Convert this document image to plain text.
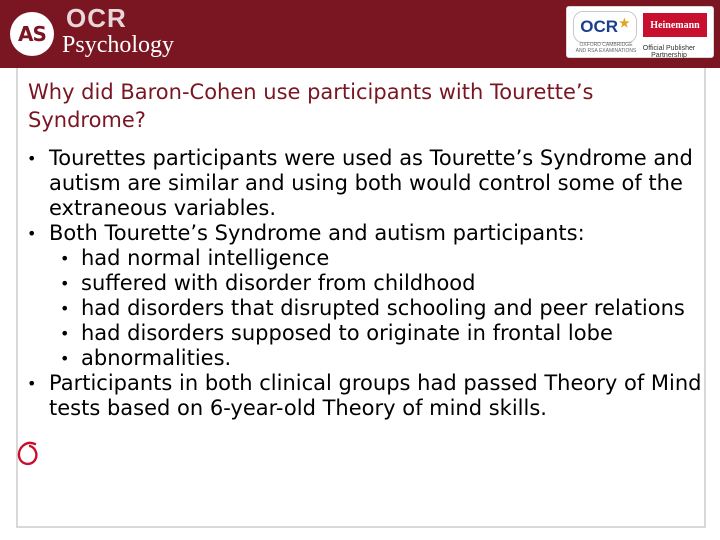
AS
OCR
Psychology
OCR ★
OXFORD CAMBRIDGE AND RSA EXAMINATIONS
Heinemann
Official Publisher Partnership
Why did Baron-Cohen use participants with Tourette’s Syndrome?
• Tourettes participants were used as Tourette’s Syndrome and autism are similar and using both would control some of the extraneous variables.
• Both Tourette’s Syndrome and autism participants:
• had normal intelligence
• suffered with disorder from childhood
• had disorders that disrupted schooling and peer relations
• had disorders supposed to originate in frontal lobe
• abnormalities.
• Participants in both clinical groups had passed Theory of Mind tests based on 6-year-old Theory of mind skills.
